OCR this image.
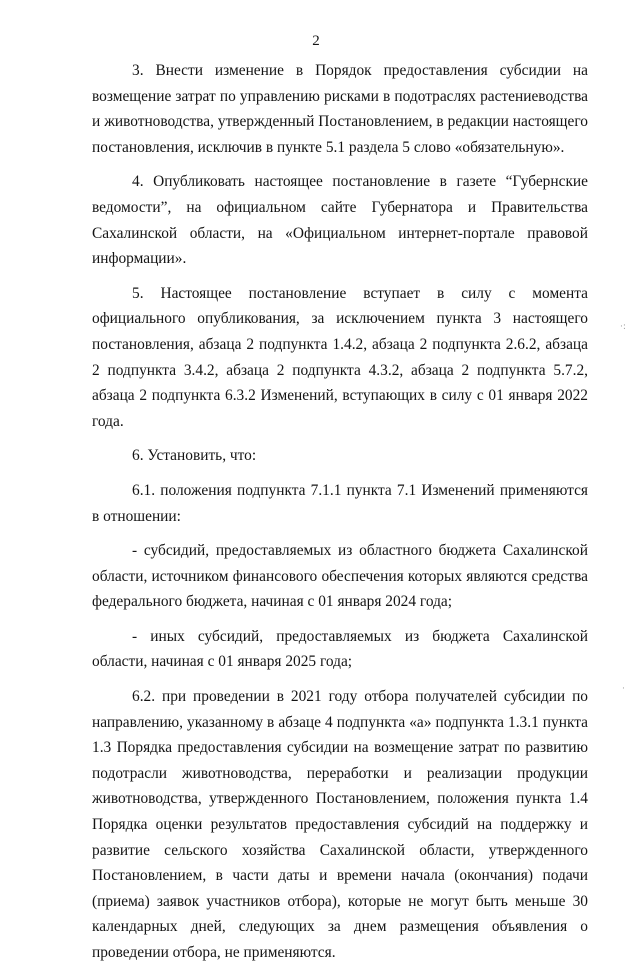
2

3. Внести изменение в Порядок предоставления субсидии на возмещение затрат по управлению рисками в подотраслях растениеводства и животноводства, утвержденный Постановлением, в редакции настоящего постановления, исключив в пункте 5.1 раздела 5 слово «обязательную».

4. Опубликовать настоящее постановление в газете “Губернские ведомости”, на официальном сайте Губернатора и Правительства Сахалинской области, на «Официальном интернет-портале правовой информации».

5. Настоящее постановление вступает в силу с момента официального опубликования, за исключением пункта 3 настоящего постановления, абзаца 2 подпункта 1.4.2, абзаца 2 подпункта 2.6.2, абзаца 2 подпункта 3.4.2, абзаца 2 подпункта 4.3.2, абзаца 2 подпункта 5.7.2, абзаца 2 подпункта 6.3.2 Изменений, вступающих в силу с 01 января 2022 года.

6. Установить, что:

6.1. положения подпункта 7.1.1 пункта 7.1 Изменений применяются в отношении:

- субсидий, предоставляемых из областного бюджета Сахалинской области, источником финансового обеспечения которых являются средства федерального бюджета, начиная с 01 января 2024 года;

- иных субсидий, предоставляемых из бюджета Сахалинской области, начиная с 01 января 2025 года;

6.2. при проведении в 2021 году отбора получателей субсидии по направлению, указанному в абзаце 4 подпункта «а» подпункта 1.3.1 пункта 1.3 Порядка предоставления субсидии на возмещение затрат по развитию подотрасли животноводства, переработки и реализации продукции животноводства, утвержденного Постановлением, положения пункта 1.4 Порядка оценки результатов предоставления субсидий на поддержку и развитие сельского хозяйства Сахалинской области, утвержденного Постановлением, в части даты и времени начала (окончания) подачи (приема) заявок участников отбора), которые не могут быть меньше 30 календарных дней, следующих за днем размещения объявления о проведении отбора, не применяются.

·:
·
